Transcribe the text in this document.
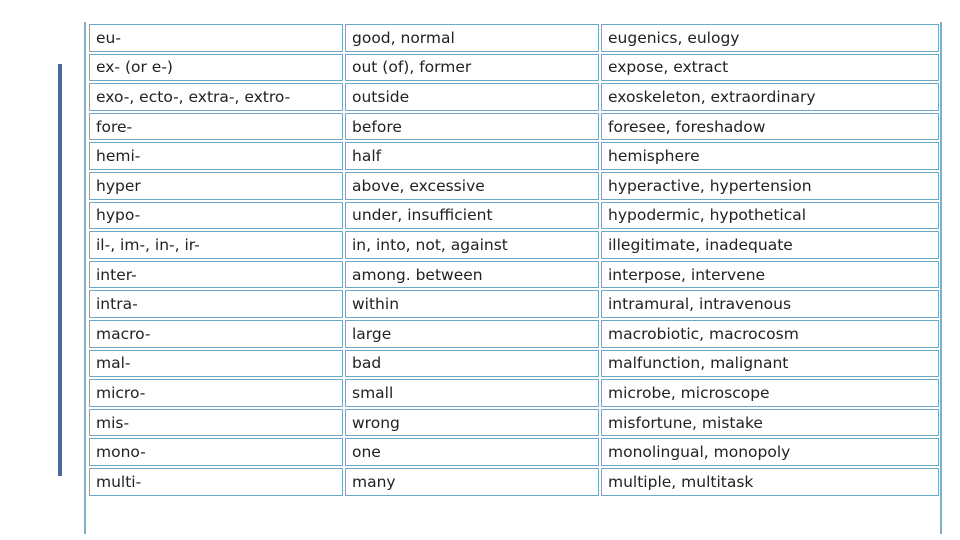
eu-	good, normal	eugenics, eulogy
ex- (or e-)	out (of), former	expose, extract
exo-, ecto-, extra-, extro-	outside	exoskeleton, extraordinary
fore-	before	foresee, foreshadow
hemi-	half	hemisphere
hyper	above, excessive	hyperactive, hypertension
hypo-	under, insufficient	hypodermic, hypothetical
il-, im-, in-, ir-	in, into, not, against	illegitimate, inadequate
inter-	among. between	interpose, intervene
intra-	within	intramural, intravenous
macro-	large	macrobiotic, macrocosm
mal-	bad	malfunction, malignant
micro-	small	microbe, microscope
mis-	wrong	misfortune, mistake
mono-	one	monolingual, monopoly
multi-	many	multiple, multitask
